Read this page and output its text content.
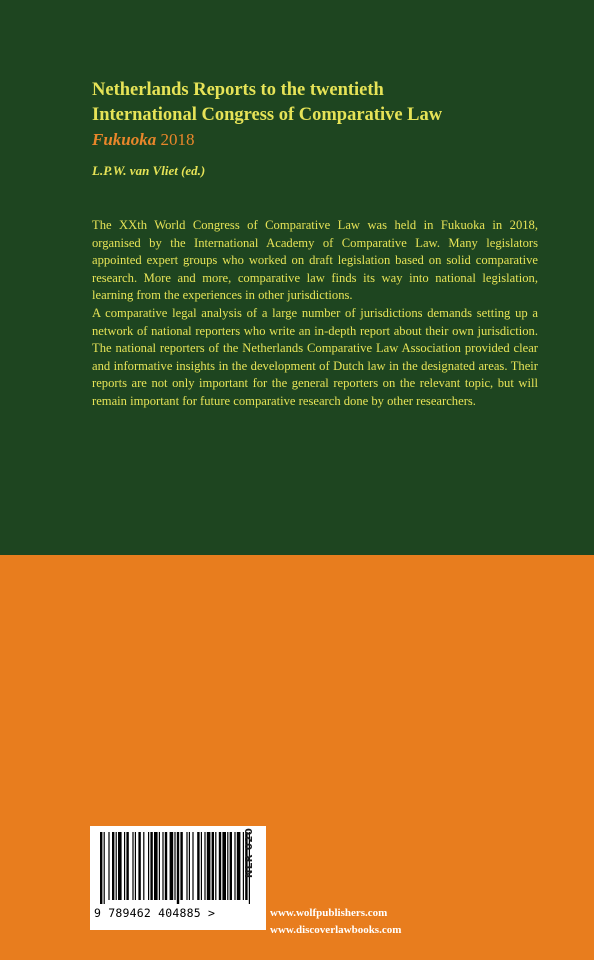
Netherlands Reports to the twentieth
International Congress of Comparative Law
Fukuoka 2018
L.P.W. van Vliet (ed.)

The XXth World Congress of Comparative Law was held in Fukuoka in 2018, organised by the International Academy of Comparative Law. Many legislators appointed expert groups who worked on draft legislation based on solid comparative research. More and more, comparative law finds its way into national legislation, learning from the experiences in other jurisdictions.

A comparative legal analysis of a large number of jurisdictions demands setting up a network of national reporters who write an in-depth report about their own jurisdiction. The national reporters of the Netherlands Comparative Law Association provided clear and informative insights in the development of Dutch law in the designated areas. Their reports are not only important for the general reporters on the relevant topic, but will remain important for future comparative research done by other researchers.

9 789462 404885 >
NLR 020
www.wolfpublishers.com
www.discoverlawbooks.com
